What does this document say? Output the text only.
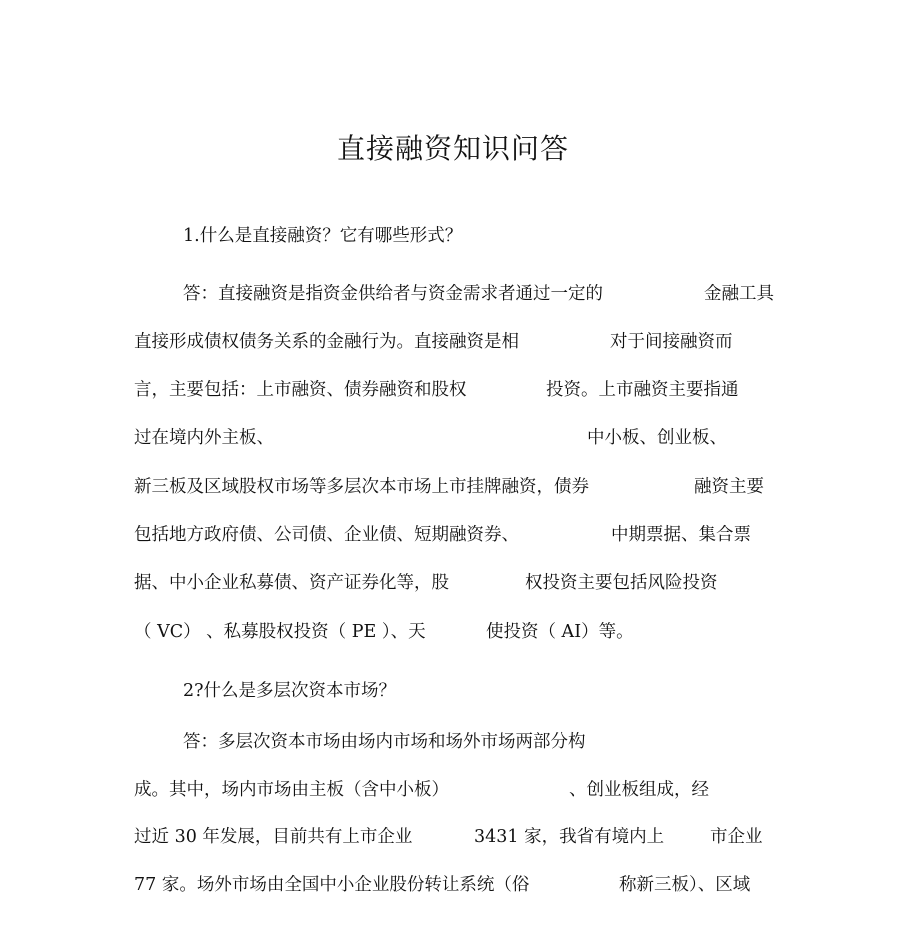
直接融资知识问答
1.什么是直接融资？它有哪些形式？
答：直接融资是指资金供给者与资金需求者通过一定的	金融工具
直接形成债权债务关系的金融行为。直接融资是相	对于间接融资而
言，主要包括：上市融资、债券融资和股权	投资。上市融资主要指通
过在境内外主板、	中小板、创业板、
新三板及区域股权市场等多层次本市场上市挂牌融资，债券	融资主要
包括地方政府债、公司债、企业债、短期融资券、	中期票据、集合票
据、中小企业私募债、资产证券化等，股	权投资主要包括风险投资
（ VC） 、私募股权投资（ PE ）、天	使投资（ AI）等。
2?什么是多层次资本市场？
答：多层次资本市场由场内市场和场外市场两部分构
成。其中，场内市场由主板（含中小板）	、创业板组成，经
过近 30 年发展，目前共有上市企业	3431 家，我省有境内上	市企业
77 家。场外市场由全国中小企业股份转让系统（俗	称新三板）、区域
